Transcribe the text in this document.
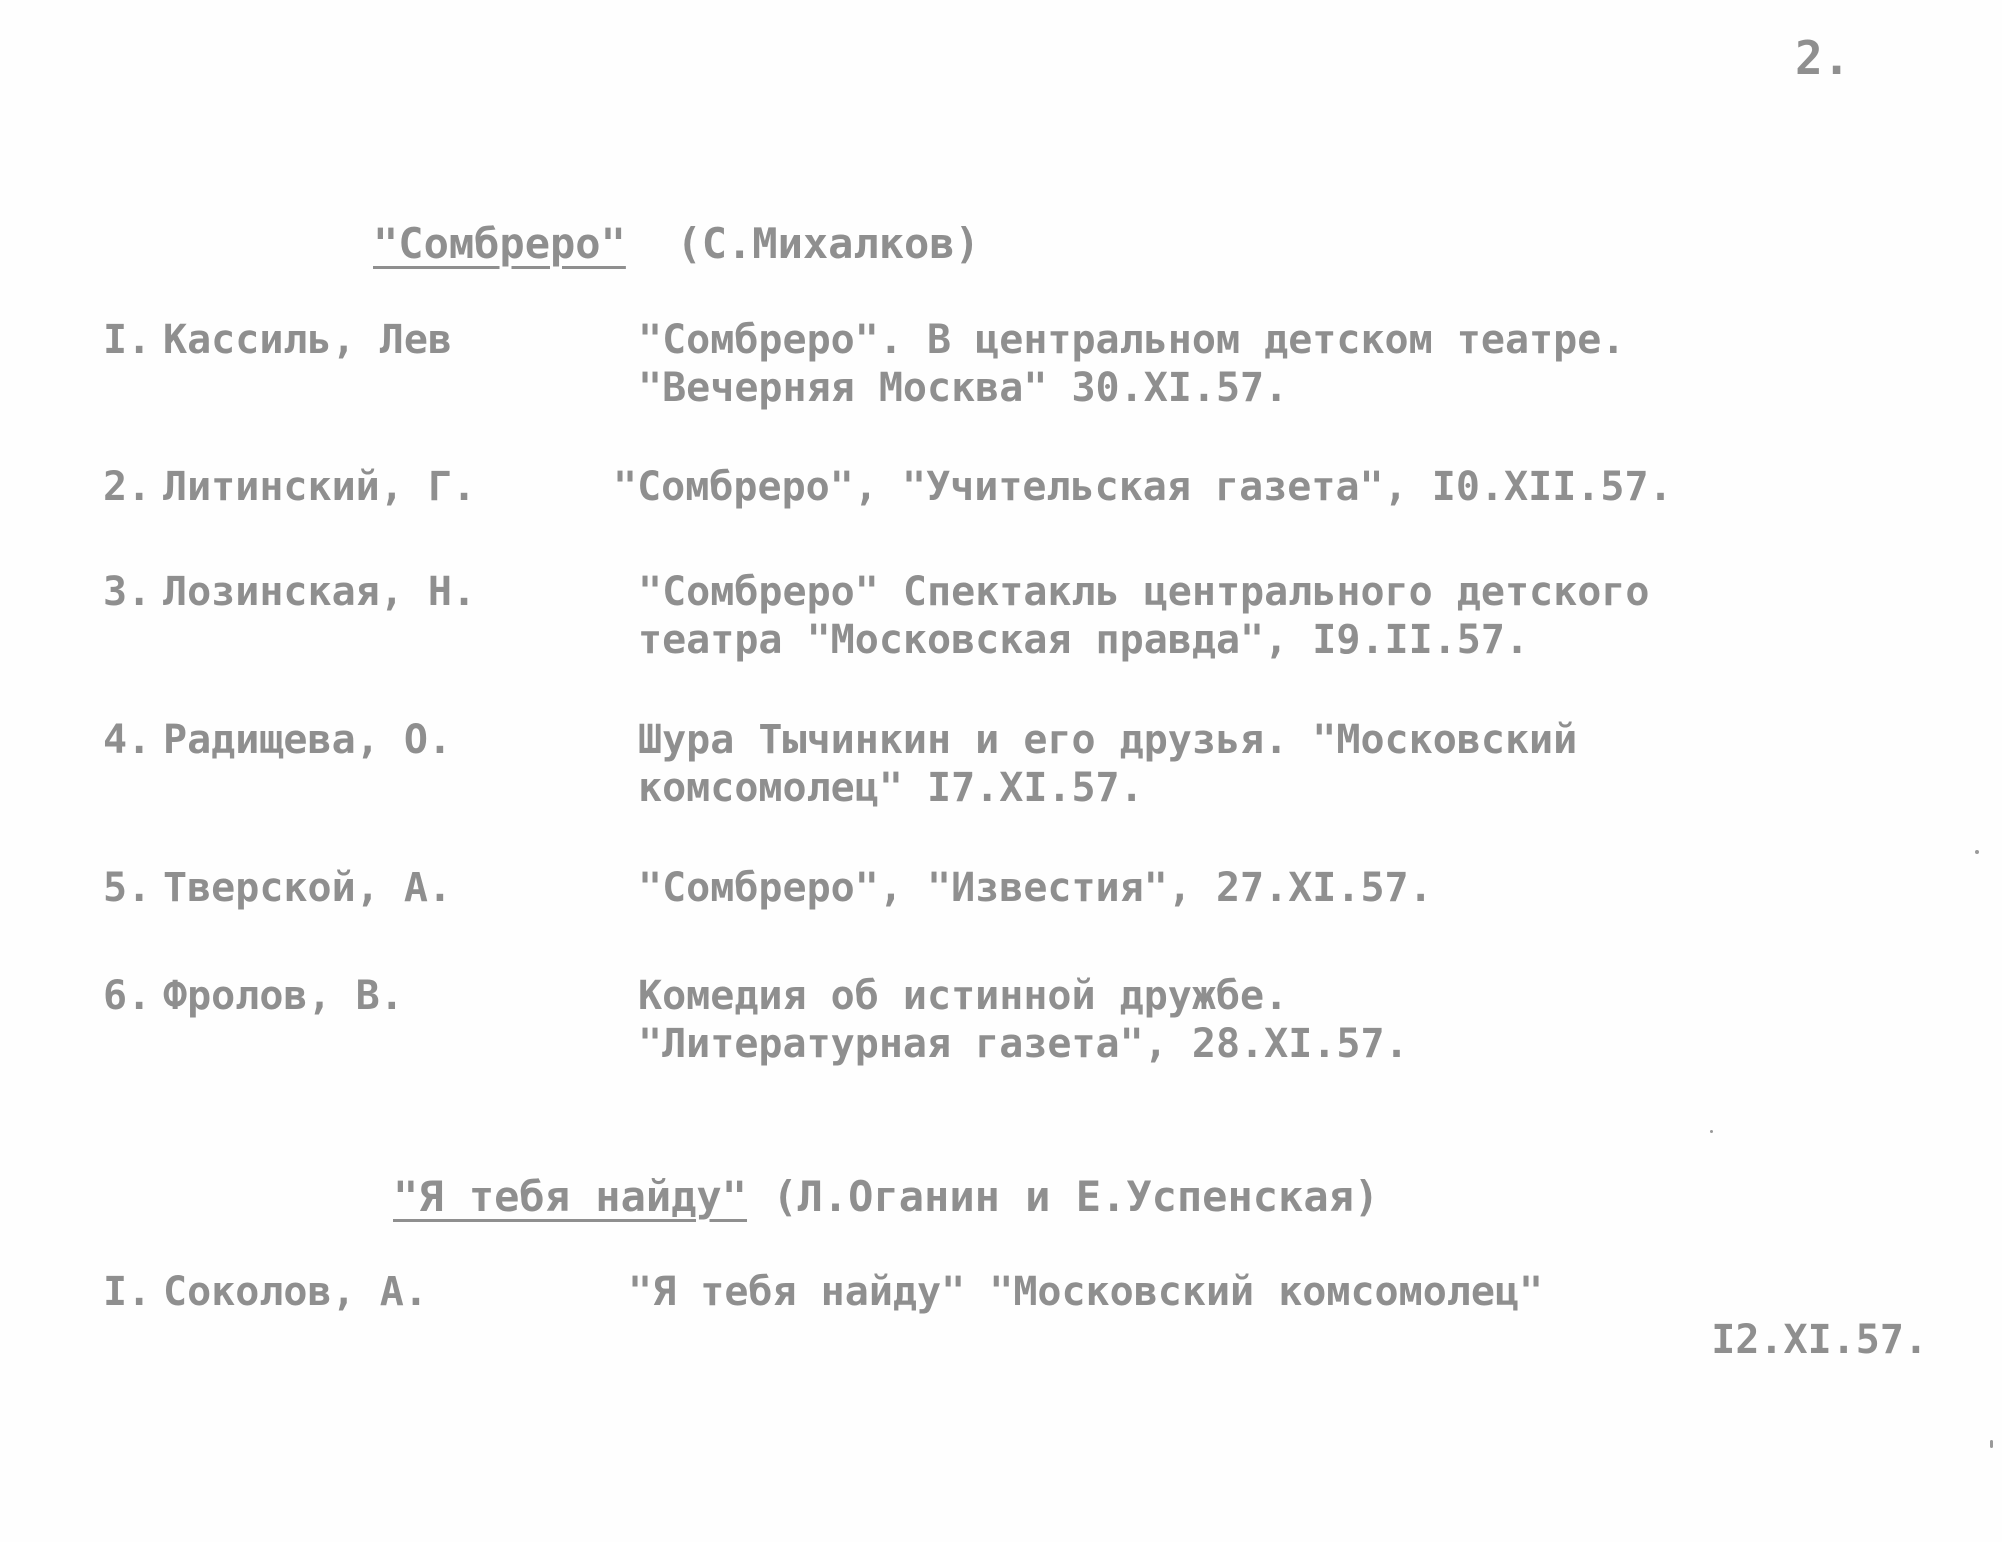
2.
"Сомбреро" (С.Михалков)
I. Кассиль, Лев	"Сомбреро". В центральном детском театре.
"Вечерняя Москва" 30.XI.57.
2. Литинский, Г.	"Сомбреро", "Учительская газета", I0.XII.57.
3. Лозинская, Н.	"Сомбреро" Спектакль центрального детского
театра "Московская правда", I9.II.57.
4. Радищева, О.	Шура Тычинкин и его друзья. "Московский
комсомолец" I7.XI.57.
5. Тверской, А.	"Сомбреро", "Известия", 27.XI.57.
6. Фролов, В.	Комедия об истинной дружбе.
"Литературная газета", 28.XI.57.
"Я тебя найду" (Л.Оганин и Е.Успенская)
I. Соколов, А.	"Я тебя найду" "Московский комсомолец"
I2.XI.57.
